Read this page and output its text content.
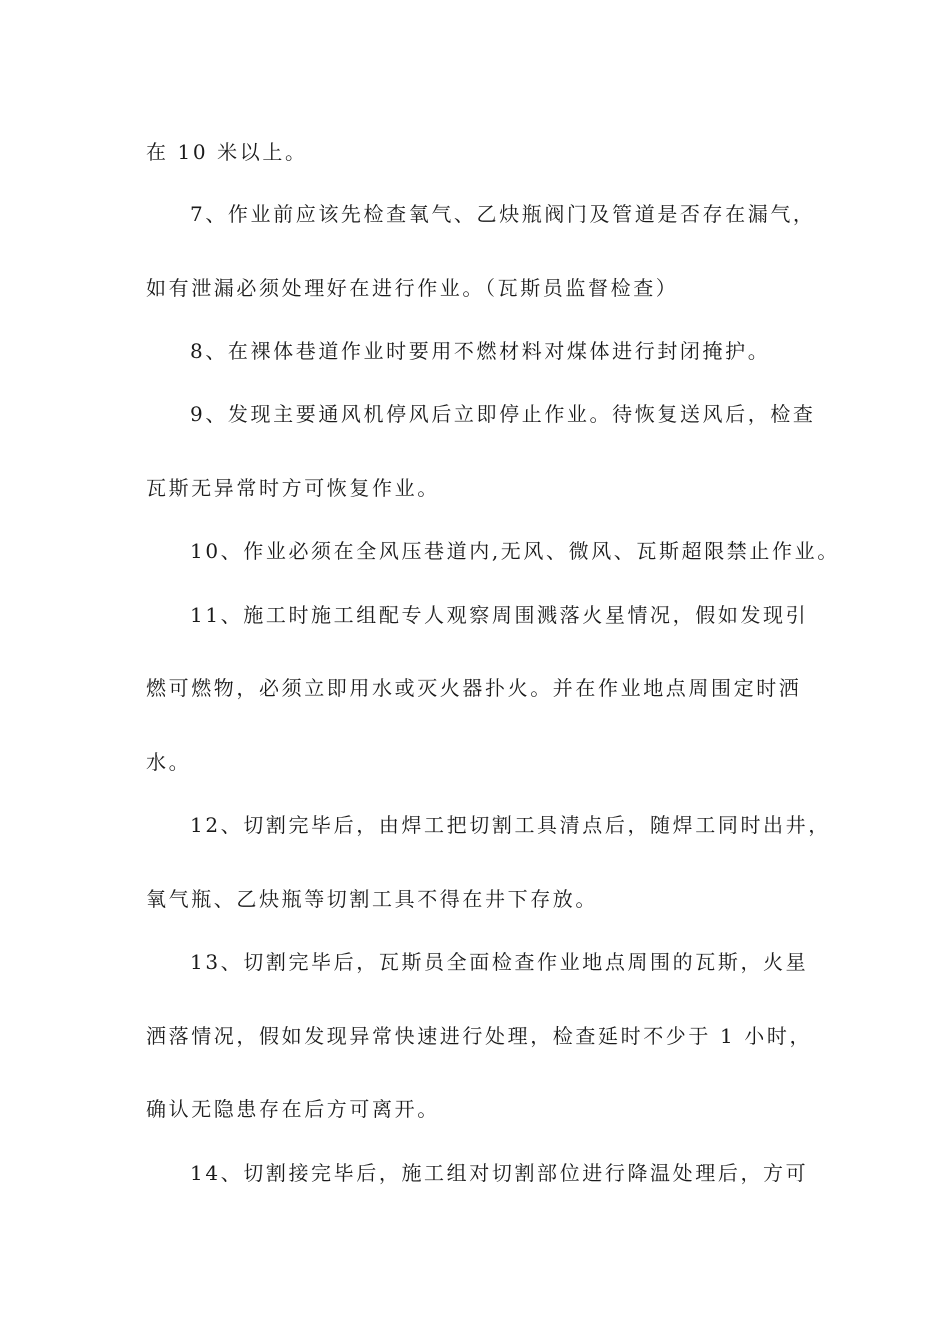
在 10 米以上。
7、作业前应该先检查氧气、乙炔瓶阀门及管道是否存在漏气，
如有泄漏必须处理好在进行作业。（瓦斯员监督检查）
8、在裸体巷道作业时要用不燃材料对煤体进行封闭掩护。
9、发现主要通风机停风后立即停止作业。待恢复送风后，检查
瓦斯无异常时方可恢复作业。
10、作业必须在全风压巷道内,无风、微风、瓦斯超限禁止作业。
11、施工时施工组配专人观察周围溅落火星情况，假如发现引
燃可燃物，必须立即用水或灭火器扑火。并在作业地点周围定时洒
水。
12、切割完毕后，由焊工把切割工具清点后，随焊工同时出井，
氧气瓶、乙炔瓶等切割工具不得在井下存放。
13、切割完毕后，瓦斯员全面检查作业地点周围的瓦斯，火星
洒落情况，假如发现异常快速进行处理，检查延时不少于 1 小时，
确认无隐患存在后方可离开。
14、切割接完毕后，施工组对切割部位进行降温处理后，方可
